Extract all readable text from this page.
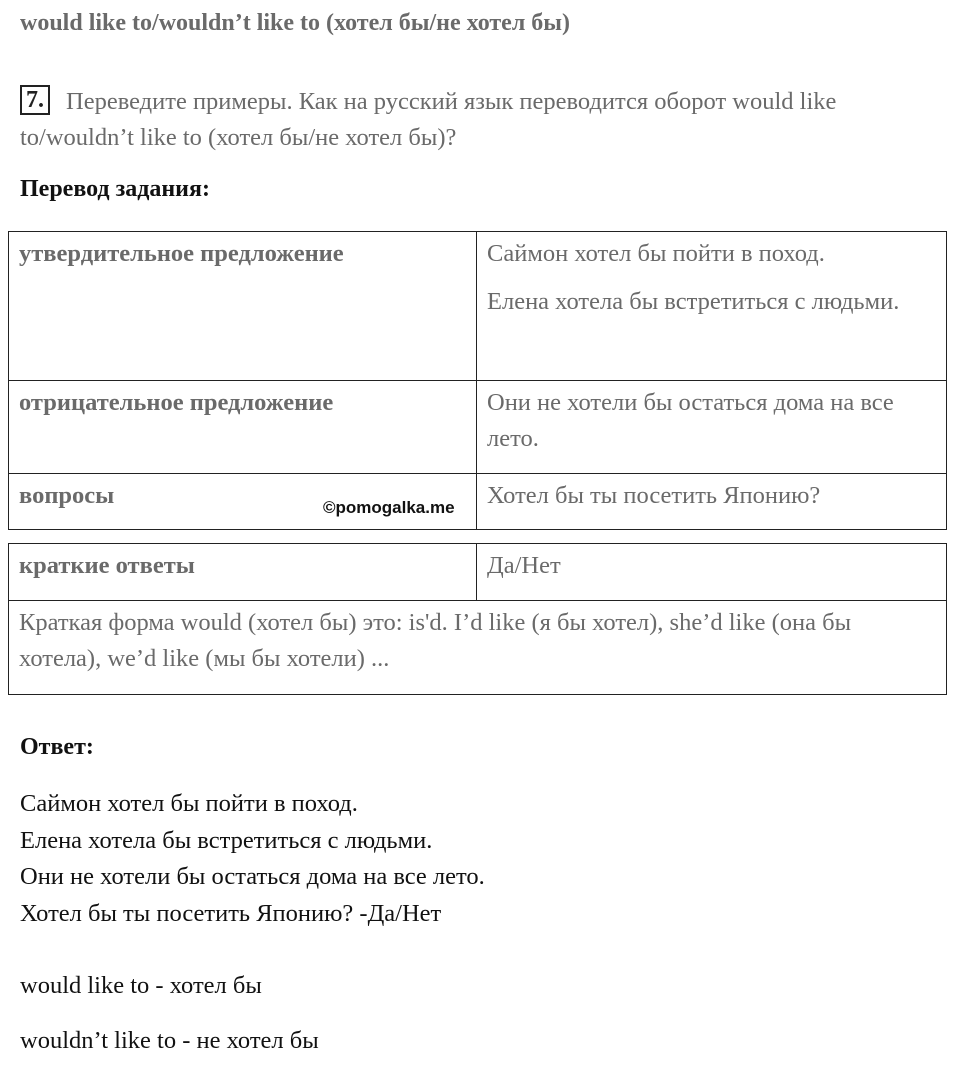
would like to/wouldn’t like to (хотел бы/не хотел бы)
7. Переведите примеры. Как на русский язык переводится оборот would like to/wouldn’t like to (хотел бы/не хотел бы)?
Перевод задания:
утвердительное предложение	Саймон хотел бы пойти в поход.
Елена хотела бы встретиться с людьми.

отрицательное предложение	Они не хотели бы остаться дома на все лето.

вопросы	Хотел бы ты посетить Японию?
©pomogalka.me
краткие ответы	Да/Нет
Краткая форма would (хотел бы) это: is'd. I’d like (я бы хотел), she’d like (она бы хотела), we’d like (мы бы хотели) ...
Ответ:
Саймон хотел бы пойти в поход.
Елена хотела бы встретиться с людьми.
Они не хотели бы остаться дома на все лето.
Хотел бы ты посетить Японию? -Да/Нет
would like to - хотел бы
wouldn’t like to - не хотел бы
